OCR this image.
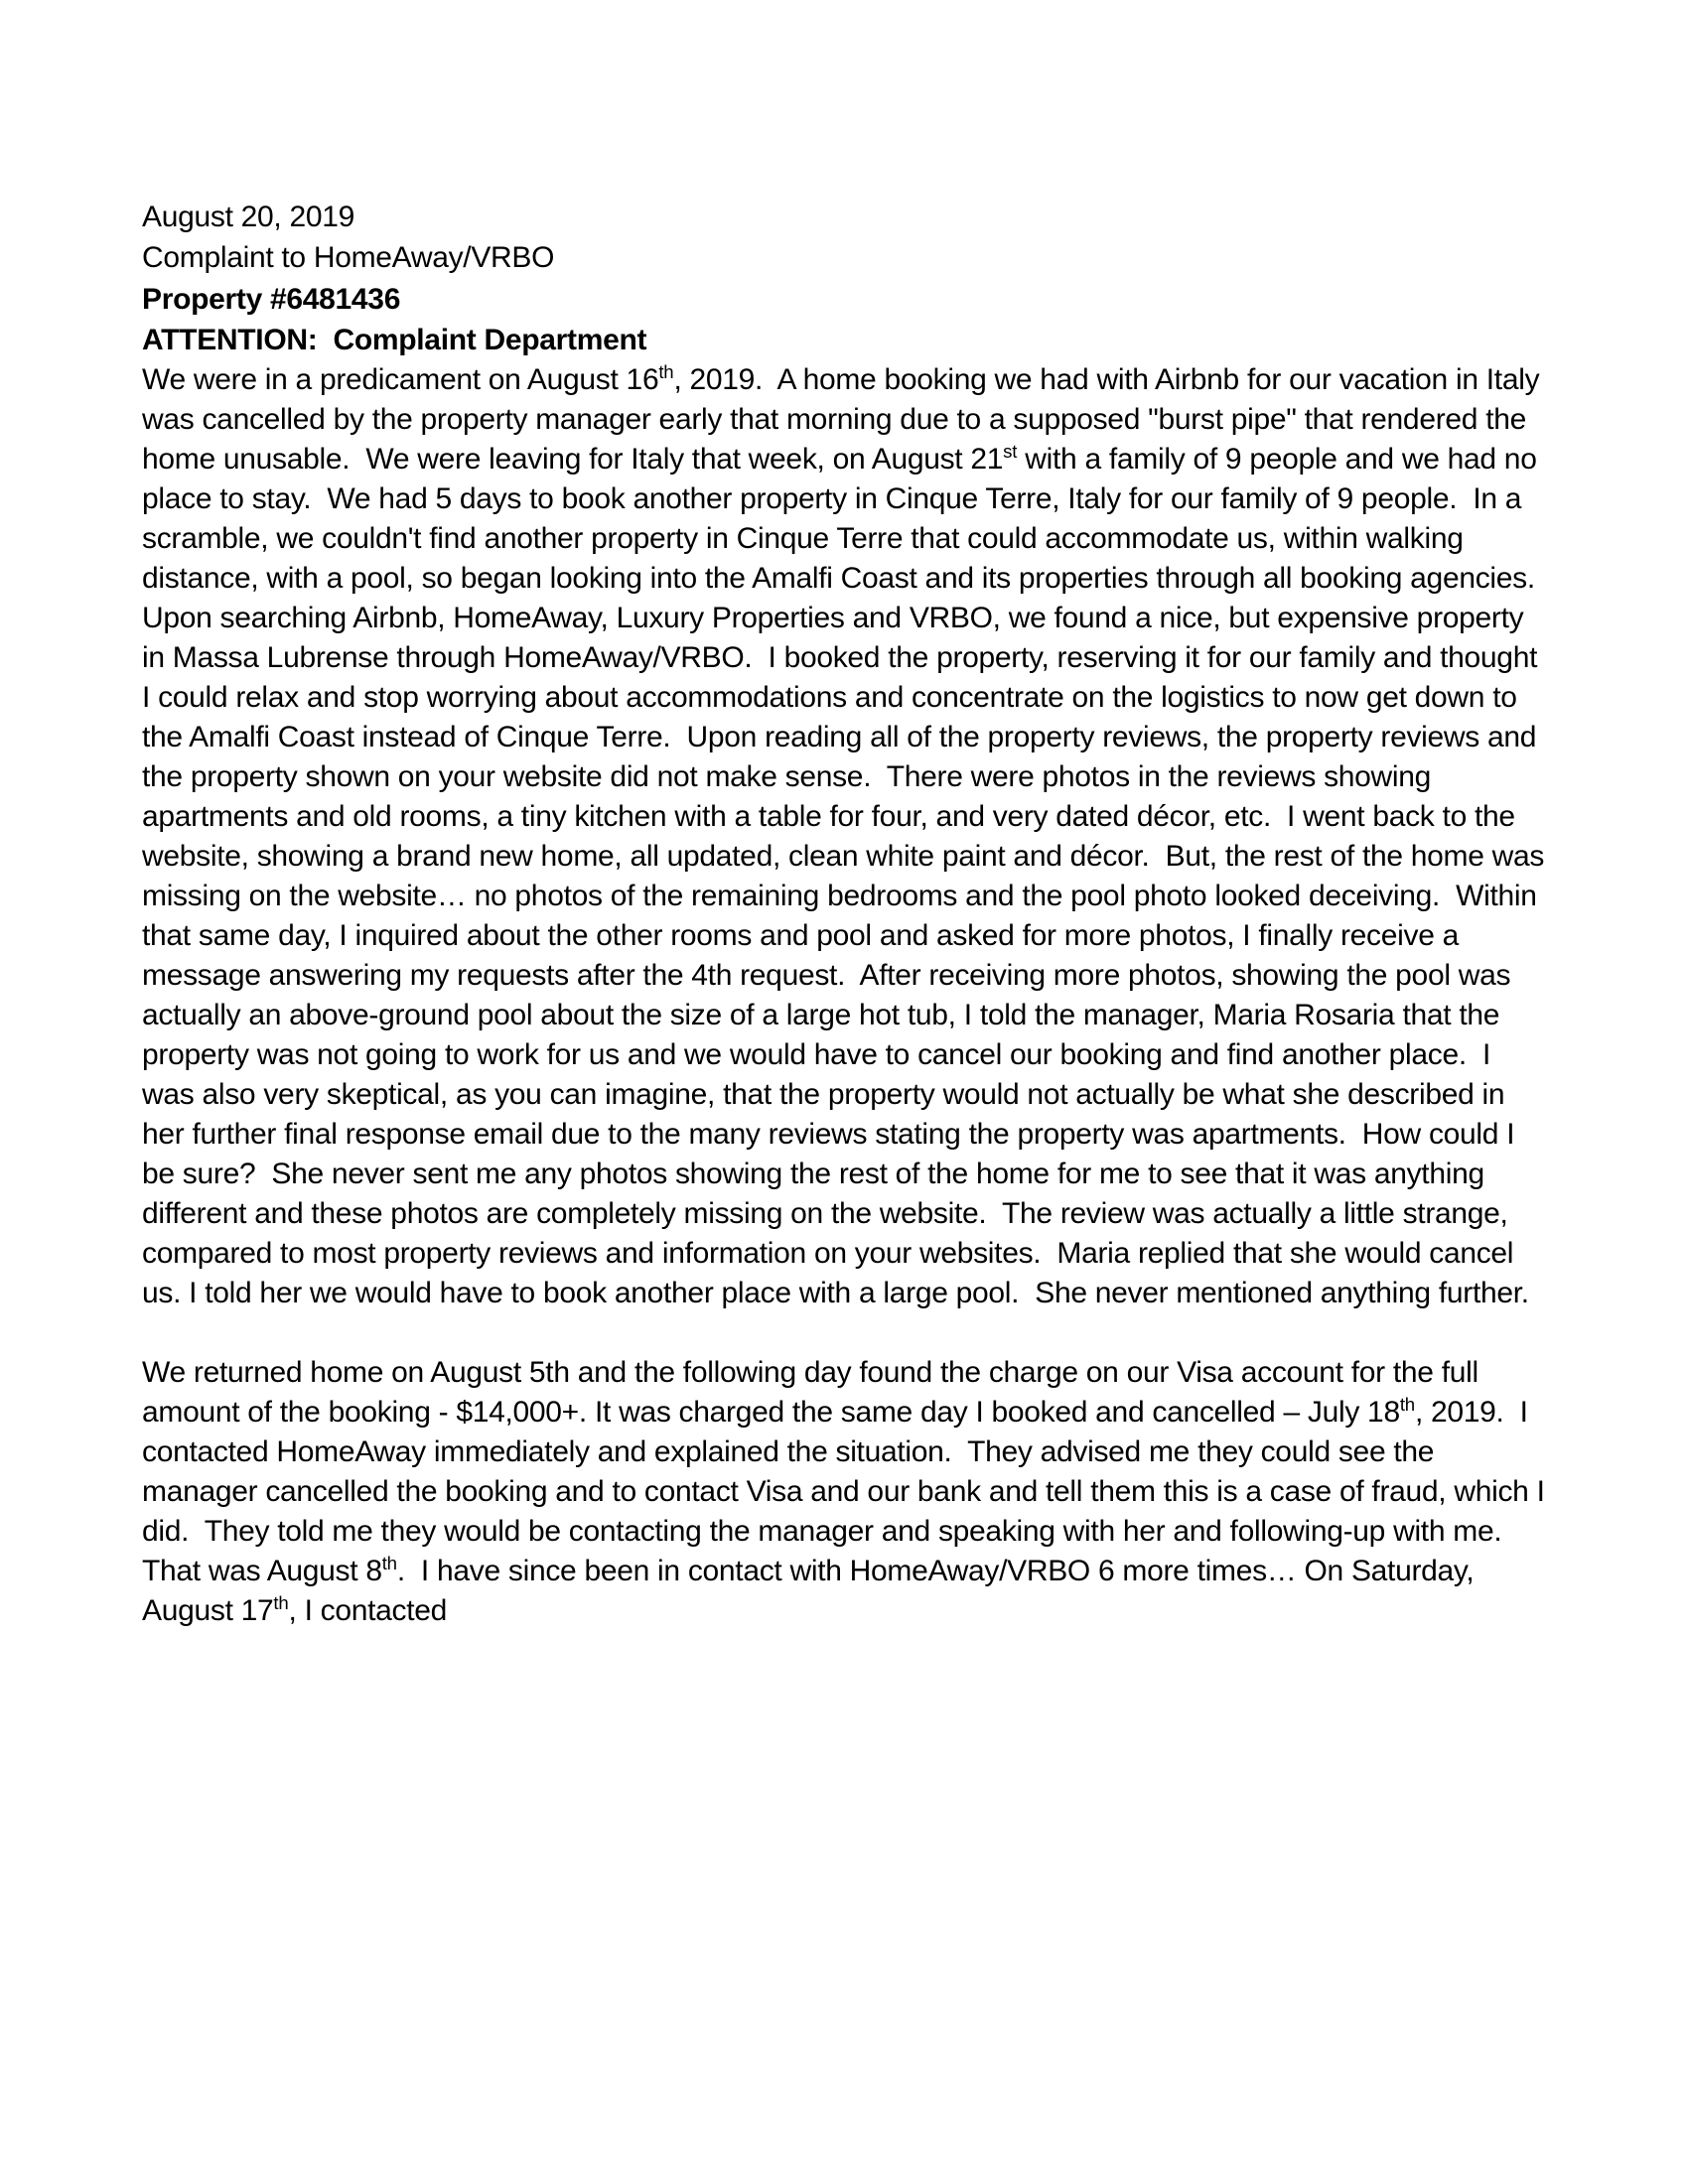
August 20, 2019

Complaint to HomeAway/VRBO

Property #6481436

ATTENTION:  Complaint Department

We were in a predicament on August 16th, 2019.  A home booking we had with Airbnb for our vacation in Italy was cancelled by the property manager early that morning due to a supposed "burst pipe" that rendered the home unusable.  We were leaving for Italy that week, on August 21st with a family of 9 people and we had no place to stay.  We had 5 days to book another property in Cinque Terre, Italy for our family of 9 people.  In a scramble, we couldn't find another property in Cinque Terre that could accommodate us, within walking distance, with a pool, so began looking into the Amalfi Coast and its properties through all booking agencies.  Upon searching Airbnb, HomeAway, Luxury Properties and VRBO, we found a nice, but expensive property in Massa Lubrense through HomeAway/VRBO.  I booked the property, reserving it for our family and thought I could relax and stop worrying about accommodations and concentrate on the logistics to now get down to the Amalfi Coast instead of Cinque Terre.  Upon reading all of the property reviews, the property reviews and the property shown on your website did not make sense.  There were photos in the reviews showing apartments and old rooms, a tiny kitchen with a table for four, and very dated décor, etc.  I went back to the website, showing a brand new home, all updated, clean white paint and décor.  But, the rest of the home was missing on the website… no photos of the remaining bedrooms and the pool photo looked deceiving.  Within that same day, I inquired about the other rooms and pool and asked for more photos, I finally receive a message answering my requests after the 4th request.  After receiving more photos, showing the pool was actually an above-ground pool about the size of a large hot tub, I told the manager, Maria Rosaria that the property was not going to work for us and we would have to cancel our booking and find another place.  I was also very skeptical, as you can imagine, that the property would not actually be what she described in her further final response email due to the many reviews stating the property was apartments.  How could I be sure?  She never sent me any photos showing the rest of the home for me to see that it was anything different and these photos are completely missing on the website.  The review was actually a little strange, compared to most property reviews and information on your websites.  Maria replied that she would cancel us. I told her we would have to book another place with a large pool.  She never mentioned anything further.

We returned home on August 5th and the following day found the charge on our Visa account for the full amount of the booking - $14,000+. It was charged the same day I booked and cancelled – July 18th, 2019.  I contacted HomeAway immediately and explained the situation.  They advised me they could see the manager cancelled the booking and to contact Visa and our bank and tell them this is a case of fraud, which I did.  They told me they would be contacting the manager and speaking with her and following-up with me. That was August 8th.  I have since been in contact with HomeAway/VRBO 6 more times… On Saturday, August 17th, I contacted
